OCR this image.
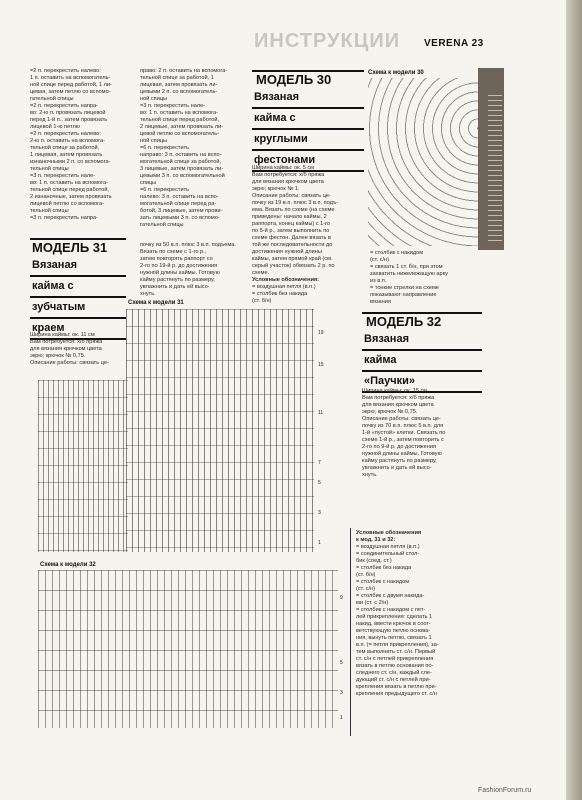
ИНСТРУКЦИИ VERENA 23
=2 п. перекрестить налево:
1 п. оставить на вспомогатель-
ной спице перед работой, 1 ли-
цевая, затем петлю со вспомо-
гательной спицы
=2 п. перекрестить напра-
во: 2-ю п. провязать лицевой
перед 1-й п., затем провязать
лицевой 1-ю петлю
=2 п. перекрестить налево:
2-ю п. оставить на вспомога-
тельной спице за работой,
1 лицевая, затем провязать
изнаночными 2 п. со вспомога-
тельной спицы
=3 п. перекрестить нале-
во: 1 п. оставить на вспомога-
тельной спице перед работой,
2 изнаночные, затем провязать
лицевой петлю со вспомога-
тельной спицы
=3 п. перекрестить напра-
право: 2 п. оставить на вспомога-
тельной спице за работой, 1
лицевая, затем провязать ли-
цевыми 2 п. со вспомогатель-
ной спицы
=3 п. перекрестить нале-
во: 1 п. оставить на вспомога-
тельной спице перед работой,
2 лицевые, затем провязать ли-
цевой петлю со вспомогатель-
ной спицы
=6 п. перекрестить
направо: 3 п. оставить на вспо-
могательной спице за работой,
3 лицевые, затем провязать ли-
цевыми 3 п. со вспомогательной
спицы
=6 п. перекрестить
налево: 3 п. оставить на вспо-
могательной спице перед ра-
ботой, 3 лицевые, затем прови-
зать лицевыми 3 п. со вспомо-
гательной спицы
МОДЕЛЬ 30
Вязаная
кайма с
круглыми
фестонами
Ширина каймы: ок. 5 см
Вам потребуется: х/б пряжа
для вязания крючком цвета
экрю; крючок № 1.
Описание работы: связать це-
почку из 19 в.п. плюс 3 в.п. подъ-
ема. Вязать по схеме (на схеме
приведены: начало каймы, 2
раппорта, конец каймы) с 1-го
по 5-й р., затем выполнить по
схеме фестон. Далее вязать в
той же последовательности до
достижения нужной длины
каймы, затем прямой край (см.
серый участок) обвязать 2 р. по
схеме.
Условные обозначения:
= воздушная петля (в.п.)
= столбик без накида
(ст. б/н)
Схема к модели 30
= столбик с накидом
(ст. с/н)
= связать 1 ст. б/н, при этом
захватить нижележащую арку
из в.п.
= тонкие стрелки на схеме
показывают направление
вязания
МОДЕЛЬ 31
Вязаная
кайма с
зубчатым
краем
Ширина каймы: ок. 11 см
Вам потребуется: х/б пряжа
для вязания крючком цвета
экрю; крючок № 0,75.
Описание работы: связать це-
почку из 50 в.п. плюс 3 в.п. подъема.
Вязать по схеме с 1-го р.,
затем повторять раппорт со
2-го по 19-й р. до достижения
нужной длины каймы. Готовую
кайму растянуть по размеру,
увлажнить и дать ей высо-
хнуть.
Схема к модели 31
19
15
11
7
5
3
1
МОДЕЛЬ 32
Вязаная
кайма
«Паучки»
Ширина каймы: ок. 15 см
Вам потребуется: х/б пряжа
для вязания крючком цвета
экрю; крючок № 0,75.
Описание работы: связать це-
почку из 70 в.п. плюс 5 в.п. для
1-й «пустой» клетки. Связать по
схеме 1-й р., затем повторить с
2-го по 9-й р. до достижения
нужной длины каймы. Готовую
кайму растянуть по размеру,
увлажнить и дать ей высо-
хнуть.
Условные обозначения
к мод. 31 и 32:
= воздушная петля (в.п.)
= соединительный стол-
бик (соед. ст.)
= столбик без накида
(ст. б/н)
= столбик с накидом
(ст. с/н)
= столбик с двумя накида-
ми (ст. с 2/н)
= столбик с накидом с пет-
лей прикрепления: сделать 1
накид, ввести крючок в соот-
ветствующую петлю основа-
ния, вынуть петлю, связать 1
в.п. (= петля прикрепления), за-
тем выполнить ст. с/н. Первый
ст. с/н с петлей прикрепления
вязать в петлю основания по-
следнего ст. с/н, каждый сле-
дующий ст. с/н с петлей при-
крепления вязать в петлю при-
крепления предыдущего ст. с/н
Схема к модели 32
9
5
3
1
FashionForum.ru
